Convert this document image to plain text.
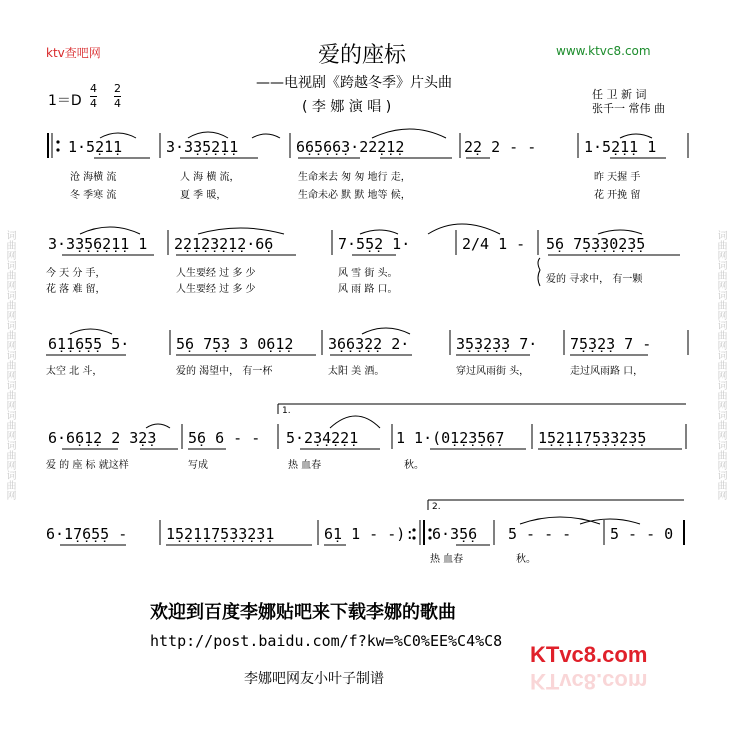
词曲网词曲网词曲网词曲网词曲网词曲网词曲网词曲网词曲网	词曲网词曲网词曲网词曲网词曲网词曲网词曲网词曲网词曲网
ktv查吧网	www.ktvc8.com
爱的座标
——电视剧《跨越冬季》片头曲
( 李 娜 演 唱 )
1＝D
4
4
2
4
任 卫 新 词
张千一 常伟 曲
1·5̣2̇1̣1	3·3̣3̣5̣2̣1̣1	6̣6̣5̣6̣6̣3·22̣2̣1̣2	2̣2 2 - -	1·5̣2̣1̣1 1
沧 海横 流	人 海 横 流，	生命来去 匆 匆 地行 走，	昨 天握 手
冬 季寒 流	夏 季 暖，	生命未必 默 默 地等 候，	花 开挽 留
3·3̣3̣5̣6̣2̣1̣1 1 2̣2̣1̣2̣3̣2̣1̣2·6̣6	7·5̣5̣2 1·	2/4 1 - 5̣6 7̣5̣3̣3̣0̣2̣3̣5
今 天 分 手，	人生要经 过 多 少	风 雪 街 头。
爱的 寻求中， 有一颗
花 落 难 留，	人生要经 过 多 少	风 雨 路 口。
6̣1̣1̣6̣5̣5 5·	5̣6 7̣5̣3 3 0̣6̣1̣2 3̣6̣6̣3̣2̣2 2·	3̣5̣3̣2̣3̣3 7· 7̣5̣3̣2̣3 7 -
太空 北 斗，	爱的 渴望中， 有一杯	太阳 美 酒。	穿过风雨街 头，	走过风雨路 口，
1.
6·6̣6̣1̣2 2 3̣2̣3 5̣6 6 - - 5·2̣3̣4̣2̣2̣1	1 1·(0̣1̣2̣3̣5̣6̣7 1̣5̣2̣1̣1̣7̣5̣3̣3̣2̣3̣5
爱 的 座 标 就这样	写成	热 血春	秋。
2.
6·1̣7̣6̣5̣5 -	1̣5̣2̣1̣1̣7̣5̣3̣3̣2̣3̣1	6̣1 1 - -): 6·3̣5̣6 5 - - -	5 - - 0
热 血春	秋。
欢迎到百度李娜贴吧来下载李娜的歌曲
http://post.baidu.com/f?kw=%C0%EE%C4%C8
李娜吧网友小叶子制谱
KTvc8.com
KTvc8.com
